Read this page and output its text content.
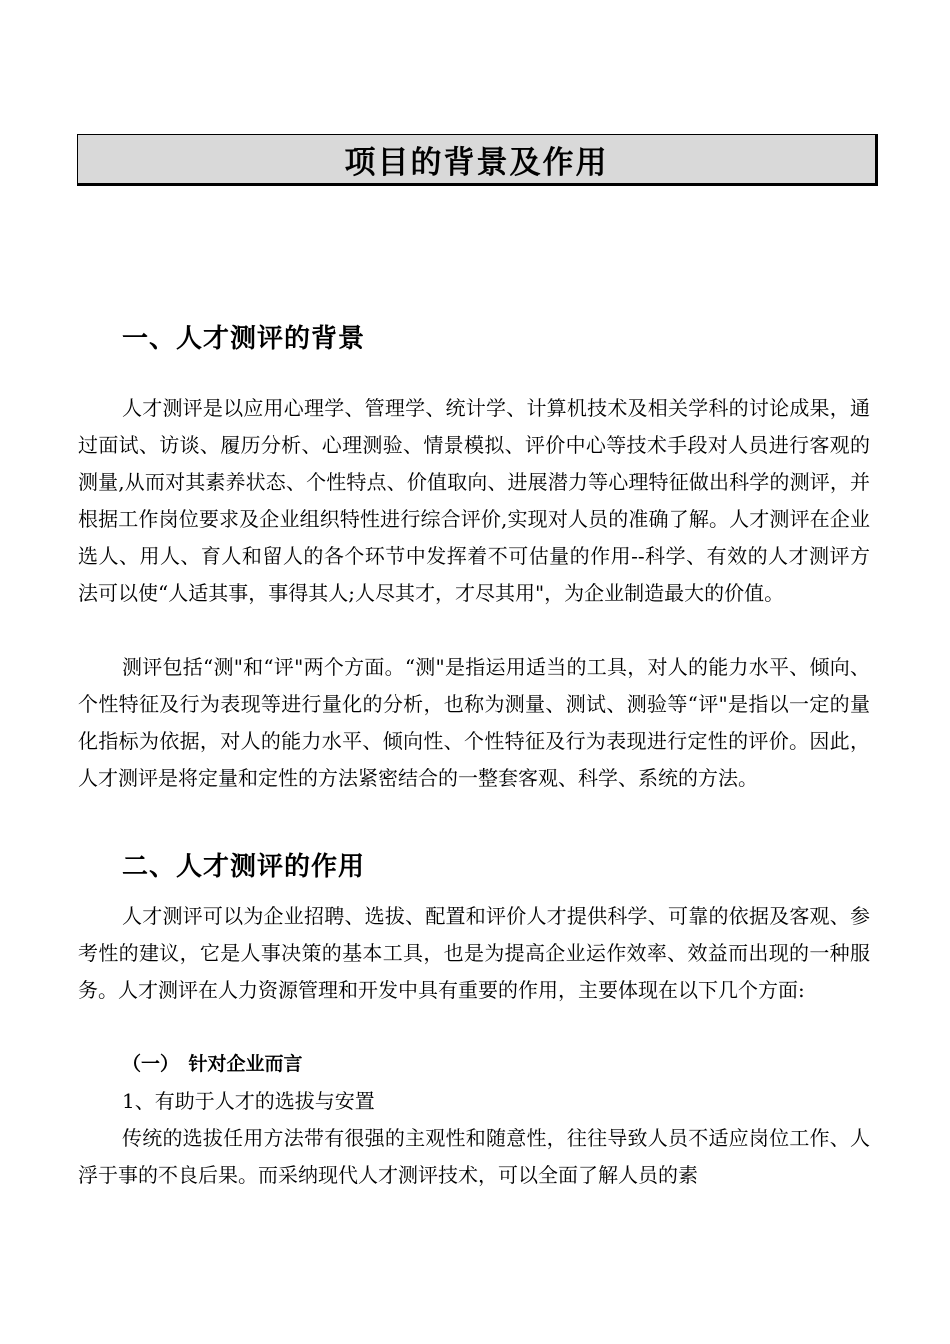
项目的背景及作用
一、人才测评的背景

人才测评是以应用心理学、管理学、统计学、计算机技术及相关学科的讨论成果，通过面试、访谈、履历分析、心理测验、情景模拟、评价中心等技术手段对人员进行客观的测量,从而对其素养状态、个性特点、价值取向、进展潜力等心理特征做出科学的测评，并根据工作岗位要求及企业组织特性进行综合评价,实现对人员的准确了解。人才测评在企业选人、用人、育人和留人的各个环节中发挥着不可估量的作用--科学、有效的人才测评方法可以使“人适其事，事得其人;人尽其才，才尽其用"，为企业制造最大的价值。

测评包括“测"和“评"两个方面。“测"是指运用适当的工具，对人的能力水平、倾向、个性特征及行为表现等进行量化的分析，也称为测量、测试、测验等“评"是指以一定的量化指标为依据，对人的能力水平、倾向性、个性特征及行为表现进行定性的评价。因此，人才测评是将定量和定性的方法紧密结合的一整套客观、科学、系统的方法。

二、人才测评的作用

人才测评可以为企业招聘、选拔、配置和评价人才提供科学、可靠的依据及客观、参考性的建议，它是人事决策的基本工具，也是为提高企业运作效率、效益而出现的一种服务。人才测评在人力资源管理和开发中具有重要的作用，主要体现在以下几个方面:

（一）　针对企业而言

1、有助于人才的选拔与安置

传统的选拔任用方法带有很强的主观性和随意性，往往导致人员不适应岗位工作、人浮于事的不良后果。而采纳现代人才测评技术，可以全面了解人员的素
